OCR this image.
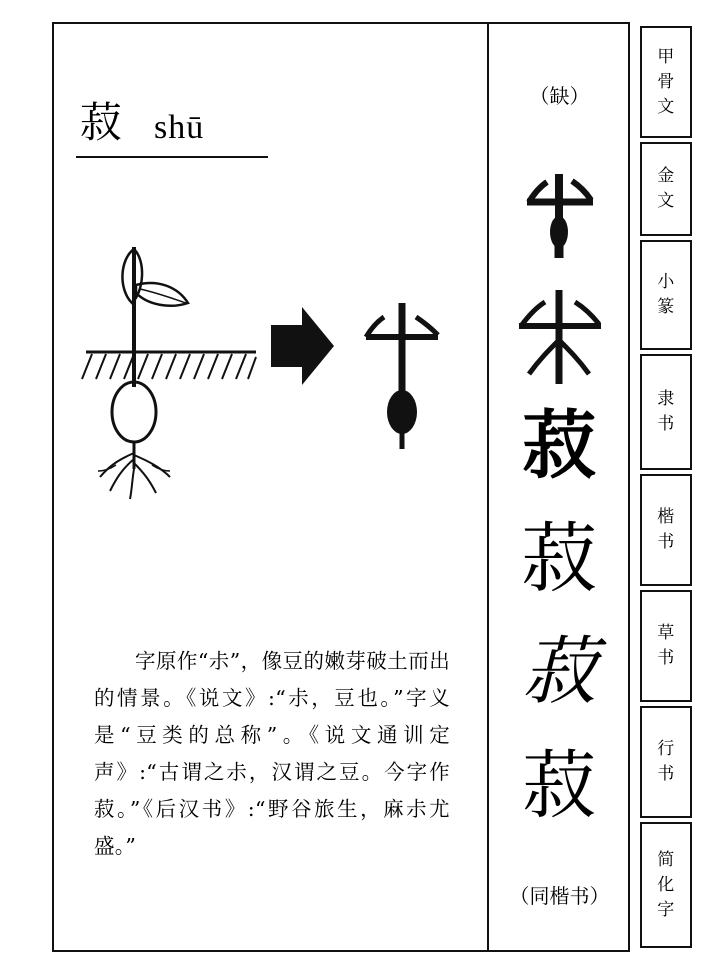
菽 shū

字原作“尗”，像豆的嫩芽破土而出的情景。《说文》:“尗，豆也。”字义是“豆类的总称”。《说文通训定声》:“古谓之尗，汉谓之豆。今字作菽。”《后汉书》:“野谷旅生，麻尗尤盛。”

（缺）
菽
菽
菽
菽
（同楷书）
甲
骨
文
金
文
小
篆
隶
书
楷
书
草
书
行
书
简
化
字
